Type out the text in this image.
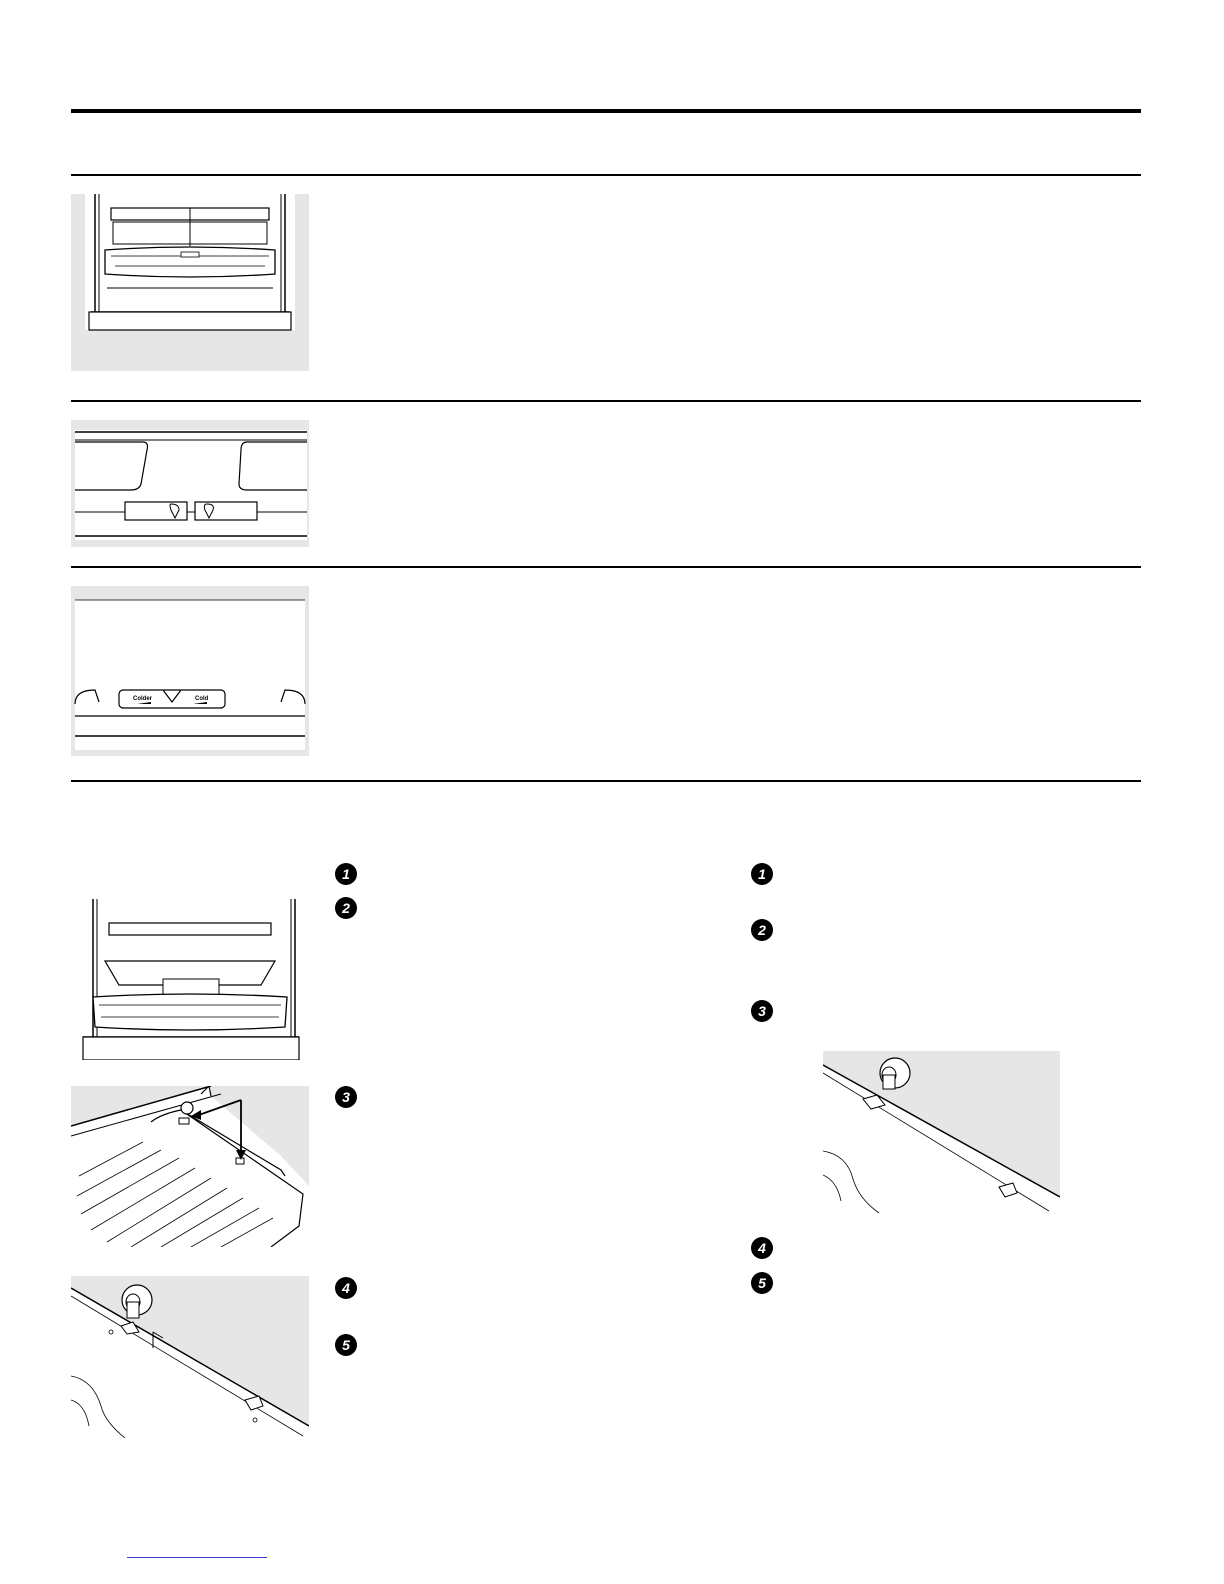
Colder	Cold
1
2
3
4
5
1
2
3
4
5
